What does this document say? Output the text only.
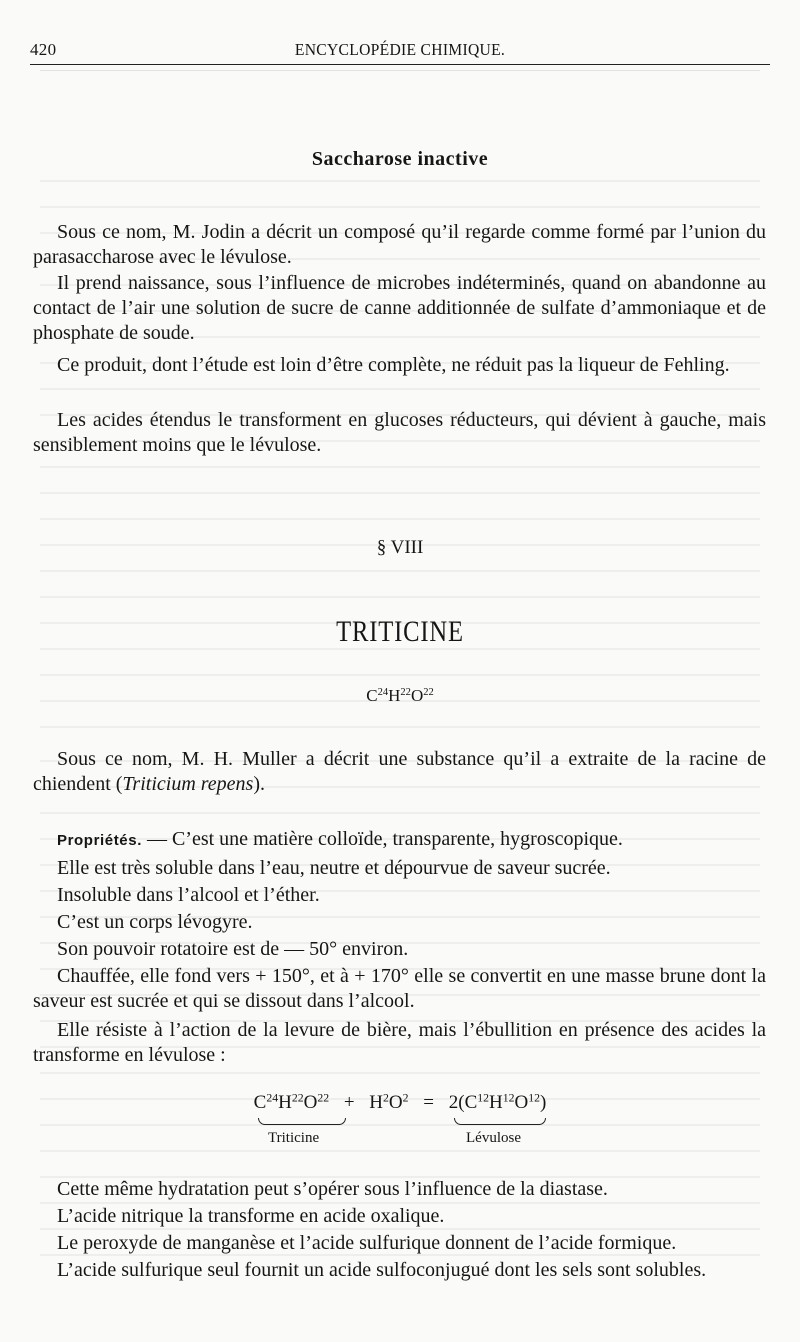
420	ENCYCLOPÉDIE CHIMIQUE.
Saccharose inactive
Sous ce nom, M. Jodin a décrit un composé qu’il regarde comme formé par l’union du parasaccharose avec le lévulose.
Il prend naissance, sous l’influence de microbes indéterminés, quand on abandonne au contact de l’air une solution de sucre de canne additionnée de sulfate d’ammoniaque et de phosphate de soude.
Ce produit, dont l’étude est loin d’être complète, ne réduit pas la liqueur de Fehling.
Les acides étendus le transforment en glucoses réducteurs, qui dévient à gauche, mais sensiblement moins que le lévulose.
§ VIII
TRITICINE
$C^{24}H^{22}O^{22}$
Sous ce nom, M. H. Muller a décrit une substance qu’il a extraite de la racine de chiendent (Triticium repens).
Propriétés. — C’est une matière colloïde, transparente, hygroscopique.
Elle est très soluble dans l’eau, neutre et dépourvue de saveur sucrée.
Insoluble dans l’alcool et l’éther.
C’est un corps lévogyre.
Son pouvoir rotatoire est de — 50° environ.
Chauffée, elle fond vers + 150°, et à + 170° elle se convertit en une masse brune dont la saveur est sucrée et qui se dissout dans l’alcool.
Elle résiste à l’action de la levure de bière, mais l’ébullition en présence des acides la transforme en lévulose :
$C^{24}H^{22}O^{22} + H^2O^2 = 2(C^{12}H^{12}O^{12})$
Triticine	Lévulose
Cette même hydratation peut s’opérer sous l’influence de la diastase.
L’acide nitrique la transforme en acide oxalique.
Le peroxyde de manganèse et l’acide sulfurique donnent de l’acide formique.
L’acide sulfurique seul fournit un acide sulfoconjugué dont les sels sont solubles.
